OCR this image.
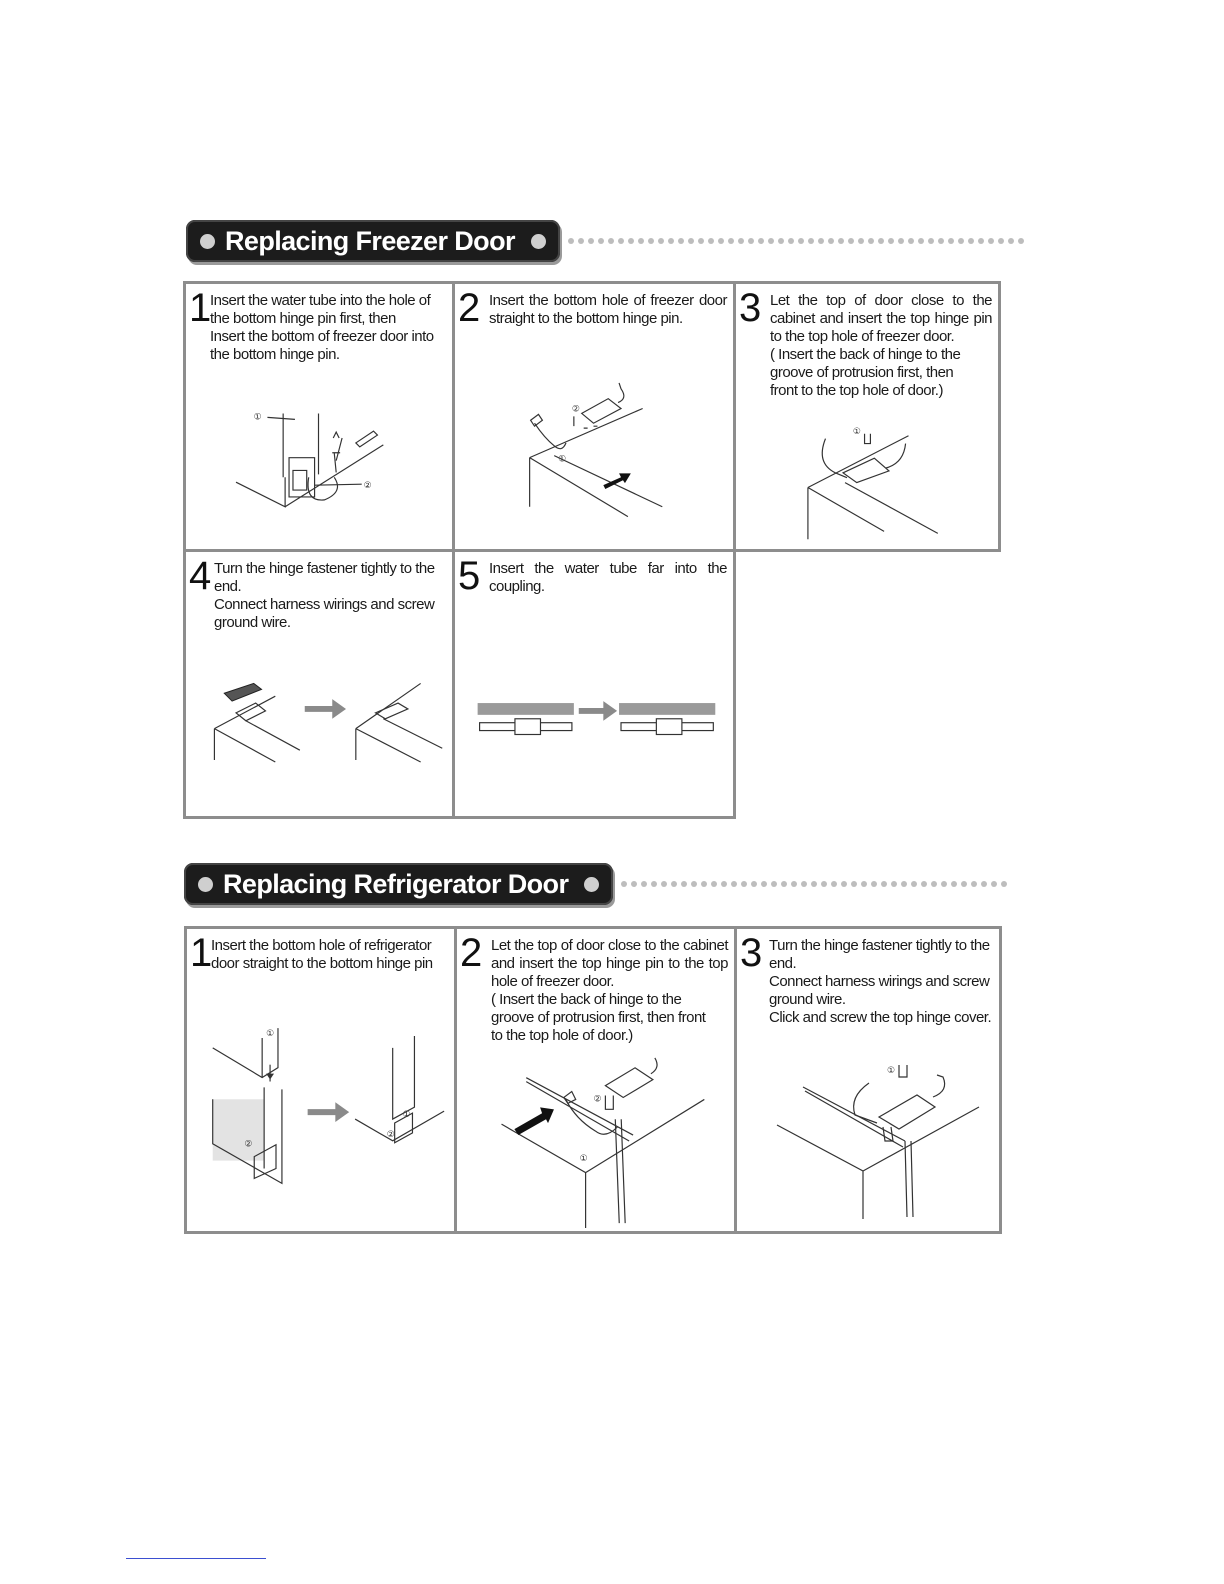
Replacing Freezer Door
1
Insert the water tube into the hole of
the bottom hinge pin first, then
Insert the bottom of freezer door into
the bottom hinge pin.
①
②
2 Insert the bottom hole of freezer door straight to the bottom hinge pin.
②
①
3 Let the top of door close to the cabinet and insert the top hinge pin to the top hole of freezer door.
( Insert the back of hinge to the
groove of protrusion first, then
front to the top hole of door.)
①
4 Turn the hinge fastener tightly to the end.
Connect harness wirings and screw ground wire.
5 Insert the water tube far into the coupling.
Replacing Refrigerator Door
1
Insert the bottom hole of refrigerator door straight to the bottom hinge pin
①
②
①
②
2 Let the top of door close to the cabinet and insert the top hinge pin to the top hole of freezer door.
( Insert the back of hinge to the
groove of protrusion first, then front
to the top hole of door.)
②
①
3 Turn the hinge fastener tightly to the end.
Connect harness wirings and screw ground wire.
Click and screw the top hinge cover.
①
